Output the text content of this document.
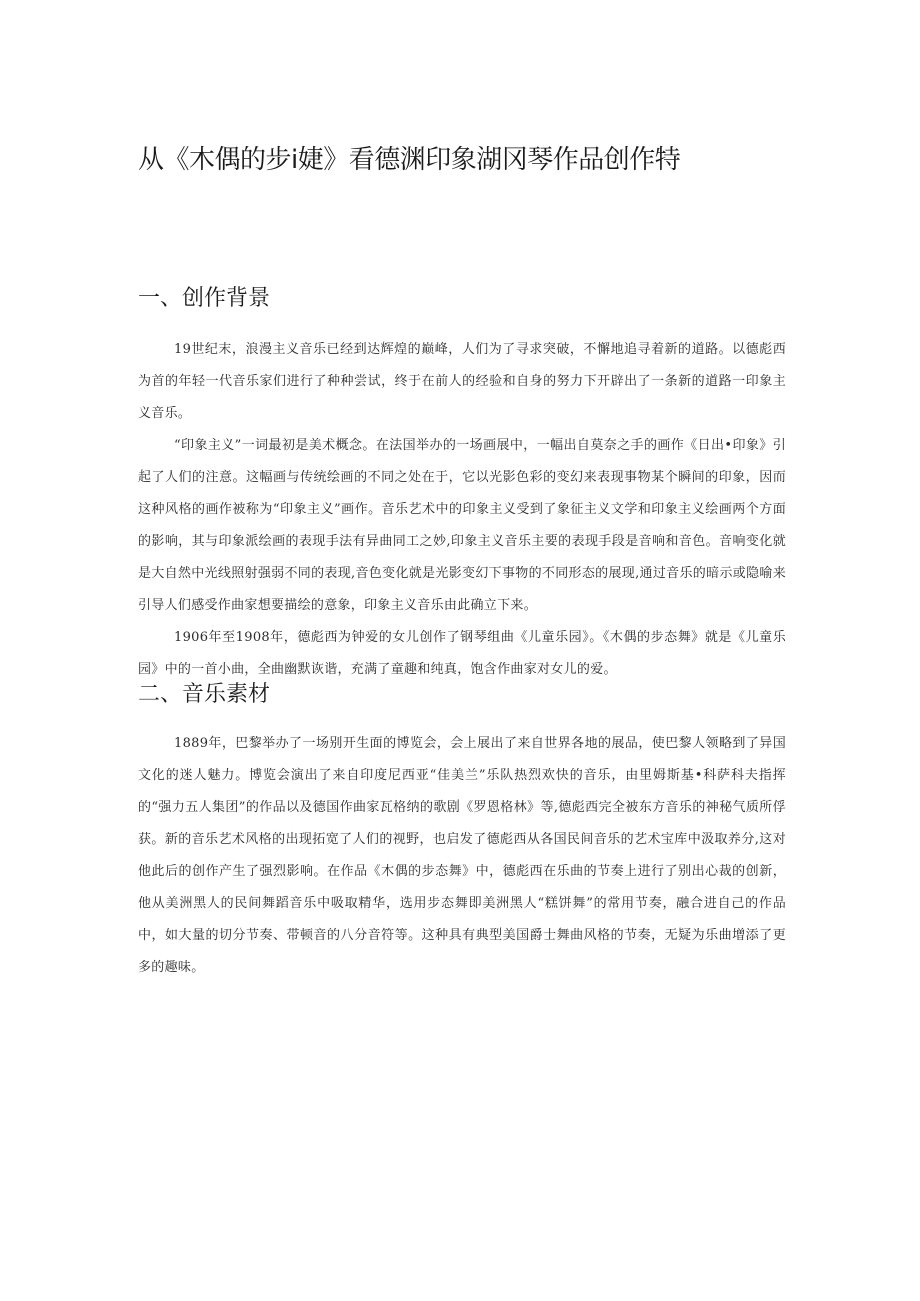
从《木偶的步i婕》看德渊印象湖冈琴作品创作特
一、创作背景

19世纪末，浪漫主义音乐已经到达辉煌的巅峰，人们为了寻求突破，不懈地追寻着新的道路。以德彪西为首的年轻一代音乐家们进行了种种尝试，终于在前人的经验和自身的努力下开辟出了一条新的道路一印象主义音乐。

“印象主义”一词最初是美术概念。在法国举办的一场画展中，一幅出自莫奈之手的画作《日出•印象》引起了人们的注意。这幅画与传统绘画的不同之处在于，它以光影色彩的变幻来表现事物某个瞬间的印象，因而这种风格的画作被称为“印象主义”画作。音乐艺术中的印象主义受到了象征主义文学和印象主义绘画两个方面的影响，其与印象派绘画的表现手法有异曲同工之妙,印象主义音乐主要的表现手段是音响和音色。音响变化就是大自然中光线照射强弱不同的表现,音色变化就是光影变幻下事物的不同形态的展现,通过音乐的暗示或隐喻来引导人们感受作曲家想要描绘的意象，印象主义音乐由此确立下来。

1906年至1908年，德彪西为钟爱的女儿创作了钢琴组曲《儿童乐园》。《木偶的步态舞》就是《儿童乐园》中的一首小曲，全曲幽默诙谐，充满了童趣和纯真，饱含作曲家对女儿的爱。

二、音乐素材

1889年，巴黎举办了一场别开生面的博览会，会上展出了来自世界各地的展品，使巴黎人领略到了异国文化的迷人魅力。博览会演出了来自印度尼西亚“佳美兰”乐队热烈欢快的音乐，由里姆斯基•科萨科夫指挥的“强力五人集团”的作品以及德国作曲家瓦格纳的歌剧《罗恩格林》等,德彪西完全被东方音乐的神秘气质所俘获。新的音乐艺术风格的出现拓宽了人们的视野，也启发了德彪西从各国民间音乐的艺术宝库中汲取养分,这对他此后的创作产生了强烈影响。在作品《木偶的步态舞》中，德彪西在乐曲的节奏上进行了别出心裁的创新，他从美洲黑人的民间舞蹈音乐中吸取精华，选用步态舞即美洲黑人“糕饼舞”的常用节奏，融合进自己的作品中，如大量的切分节奏、带顿音的八分音符等。这种具有典型美国爵士舞曲风格的节奏，无疑为乐曲增添了更多的趣味。
